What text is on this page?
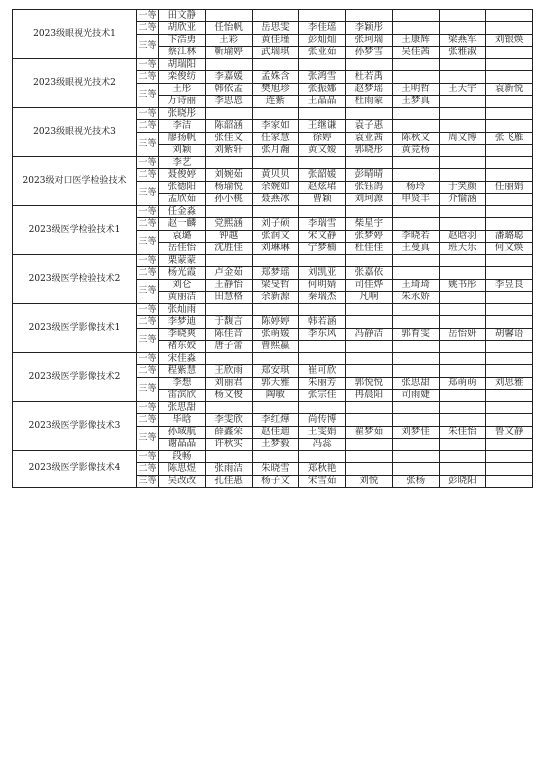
2023级眼视光技术1	一等	田文静							
	二等	胡欣亚	任怡帆	岳思雯	李佳瑶	李颖彤			
	三等	卞浩勇	王彩	黄佳瑾	彭灿灿	张珂瑞	王康辉	梁燕军	刘银焕
		蔡江林	靳瑜婷	武瑞琪	张亚茹	孙梦雪	吴佳茜	张雅淑	
2023级眼视光技术2	一等	胡瑞阳							
	二等	栾俊纺	李嘉媛	孟姝含	张鸿雪	杜若禹			
	三等	王彤	韩依孟	樊旭珍	张振娜	赵梦瑶	王明哲	王天宇	袁新悦
		万诗丽	李思恩	连紫	王晶晶	杜雨蒙	王梦真		
2023级眼视光技术3	一等	张晓彤							
	二等	李洁	陈韶涵	李家如	王继谦	袁子惠			
	三等	廖扬帆	张佳文	任家慧	徐婷	袁亚茜	陈秋文	周文博	张飞雁
		刘颖	刘紫轩	张月瀚	黄文嫒	郭晓彤	黄竞杨		
2023级对口医学检验技术	一等	李艺							
	二等	聂俊婷	刘婉茹	黄贝贝	张韶媛	彭晴晴			
	三等	张德阳	杨瑜悦	余婉如	赵炫珺	张钰鸽	杨玲	于笑颜	任丽娟
		孟欣茹	孙小桃	聂燕冰	曹颖	刘珂源	申贤丰	介愉涵	
2023级医学检验技术1	一等	任金淼							
	二等	赵一麟	党熙涵	刘子硕	李瑞雪	柴星宇			
	三等	袁璐	钟越	张润文	宋文静	张梦婷	李晓若	赵晗羽	潘璐聪
		岳佳怡	沈胜佳	刘琳琳	宁梦楠	杜佳佳	王曼真	班天乐	何文焕
2023级医学检验技术2	一等	栗蒙蒙							
	二等	杨光霞	卢金茹	郑梦瑶	刘凯亚	张嘉依			
	三等	刘仑	王静怡	梁旻哲	何明婧	司佳烨	王琦琦	姚书彤	李昱良
		黄丽洁	田慧格	余新源	秦瑞杰	凡响	朱永娇		
2023级医学影像技术1	一等	张灿雨							
	二等	李梦迪	于馥言	陈婷婷	韩若涵				
	三等	李晓爽	陈佳音	张萌媛	李东风	冯静洁	郭育雯	岳怡妍	胡馨语
		褚东姣	唐子蕾	曹熙嬴					
2023级医学影像技术2	一等	宋佳淼							
	二等	程紫慧	王欣雨	郑安琪	崔可欣				
	三等	李想	刘丽君	郭天雅	朱丽芳	郭悦悦	张思甜	郑萌萌	刘思雅
		雷滨欣	杨文俊	陶敏	张宗佳	冉晨阳	司雨婕		
2023级医学影像技术3	一等	张思甜							
	二等	毕晗	李雯欣	李红燁	尚传博				
	三等	孙域航	薛鑫荣	赵佳迪	王雯娟	翟梦茹	刘梦佳	朱佳怡	鲁文静
		谢晶晶	许秋实	王梦毅	冯蕊				
2023级医学影像技术4	一等	段畅							
	二等	陈思煜	张雨洁	朱晓雪	郑秋艳				
	三等	吴改改	孔佳惠	杨子文	宋雪茹	刘悦	张杨	彭晓阳	
